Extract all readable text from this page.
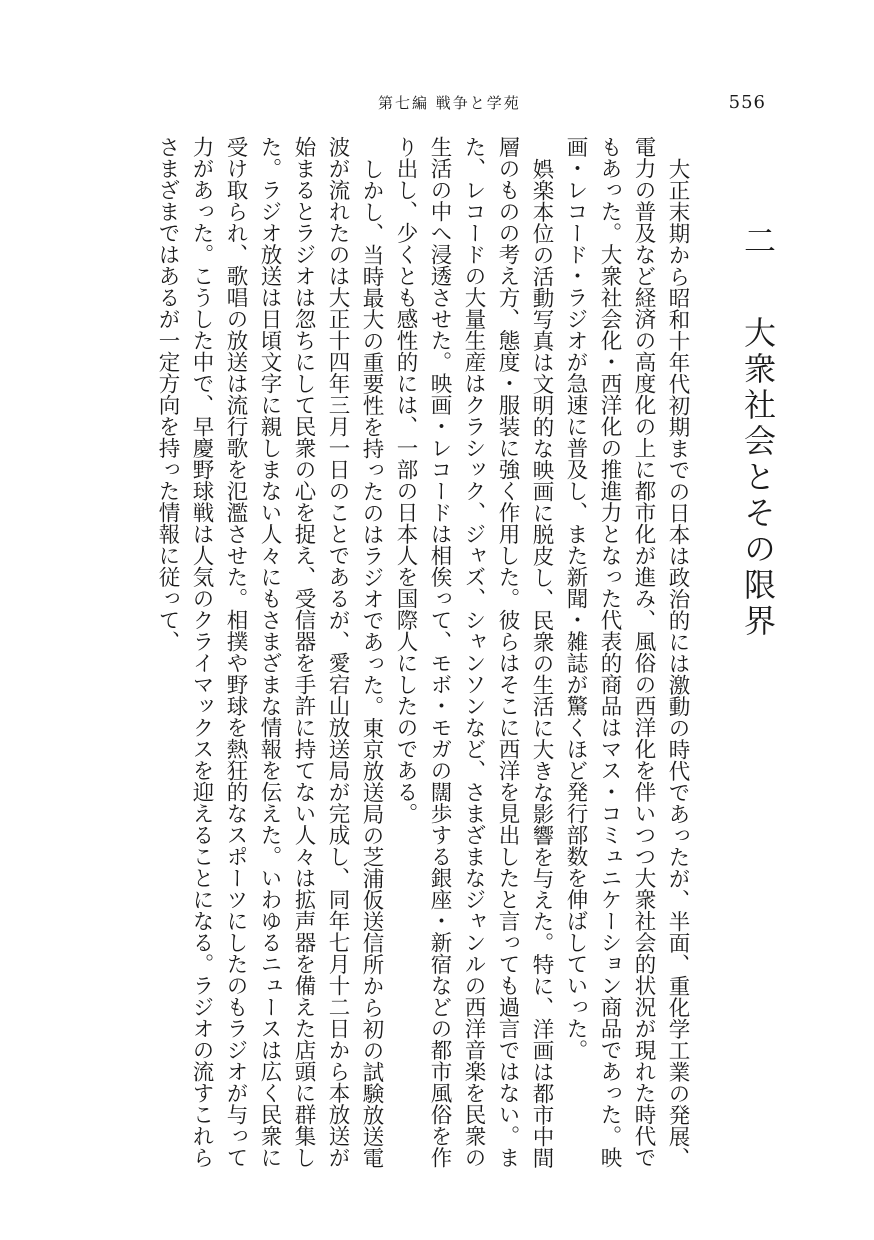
第七編 戦争と学苑	556
二　大衆社会とその限界

大正末期から昭和十年代初期までの日本は政治的には激動の時代であったが、半面、重化学工業の発展、電力の普及など経済の高度化の上に都市化が進み、風俗の西洋化を伴いつつ大衆社会的状況が現れた時代でもあった。大衆社会化・西洋化の推進力となった代表的商品はマス・コミュニケーション商品であった。映画・レコード・ラジオが急速に普及し、また新聞・雑誌が驚くほど発行部数を伸ばしていった。

娯楽本位の活動写真は文明的な映画に脱皮し、民衆の生活に大きな影響を与えた。特に、洋画は都市中間層のものの考え方、態度・服装に強く作用した。彼らはそこに西洋を見出したと言っても過言ではない。また、レコードの大量生産はクラシック、ジャズ、シャンソンなど、さまざまなジャンルの西洋音楽を民衆の生活の中へ浸透させた。映画・レコードは相俟って、モボ・モガの闊歩する銀座・新宿などの都市風俗を作り出し、少くとも感性的には、一部の日本人を国際人にしたのである。

しかし、当時最大の重要性を持ったのはラジオであった。東京放送局の芝浦仮送信所から初の試験放送電波が流れたのは大正十四年三月一日のことであるが、愛宕山放送局が完成し、同年七月十二日から本放送が始まるとラジオは忽ちにして民衆の心を捉え、受信器を手許に持てない人々は拡声器を備えた店頭に群集した。ラジオ放送は日頃文字に親しまない人々にもさまざまな情報を伝えた。いわゆるニュースは広く民衆に受け取られ、歌唱の放送は流行歌を氾濫させた。相撲や野球を熱狂的なスポーツにしたのもラジオが与って力があった。こうした中で、早慶野球戦は人気のクライマックスを迎えることになる。ラジオの流すこれらさまざまではあるが一定方向を持った情報に従って、
